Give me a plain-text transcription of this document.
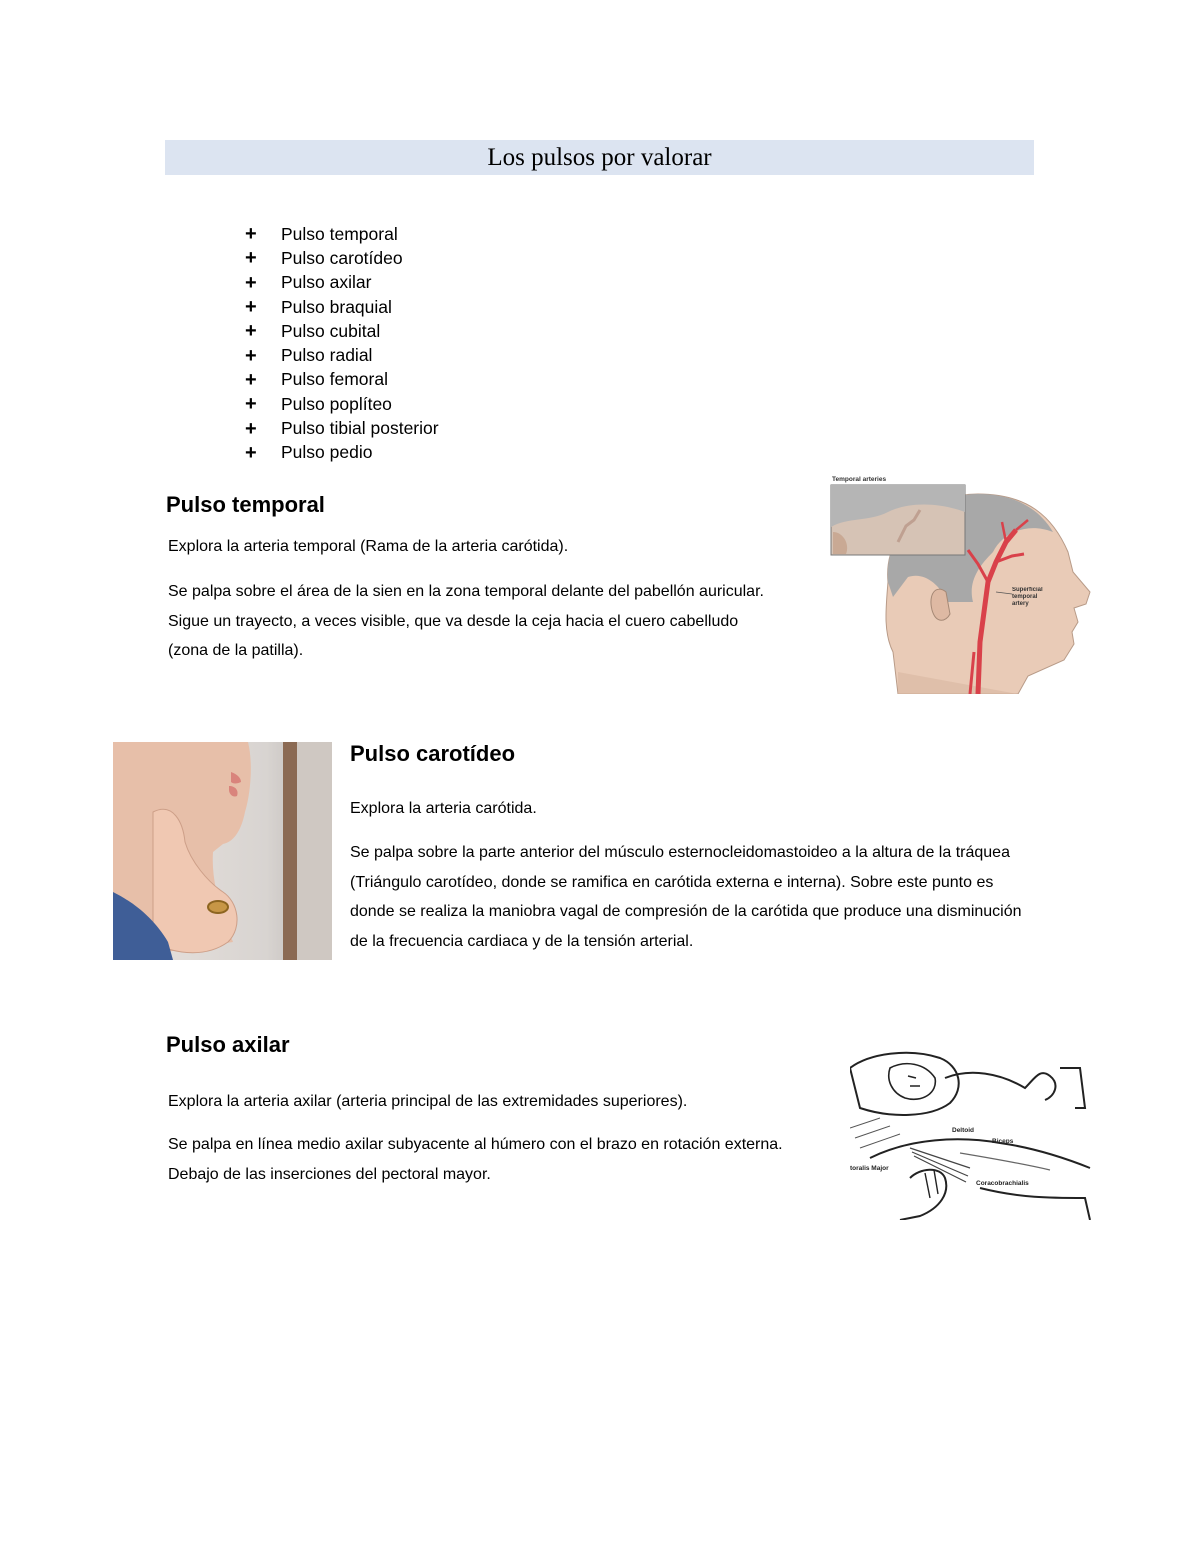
Los pulsos por valorar
+	Pulso temporal
+	Pulso carotídeo
+	Pulso axilar
+	Pulso braquial
+	Pulso cubital
+	Pulso radial
+	Pulso femoral
+	Pulso poplíteo
+	Pulso tibial posterior
+	Pulso pedio
Pulso temporal

Explora la arteria temporal (Rama de la arteria carótida).

Se palpa sobre el área de la sien en la zona temporal delante del pabellón auricular. Sigue un trayecto, a veces visible, que va desde la ceja hacia el cuero cabelludo (zona de la patilla).

Temporal arteries
Superficial temporal artery
Pulso carotídeo

Explora la arteria carótida.

Se palpa sobre la parte anterior del músculo esternocleidomastoideo a la altura de la tráquea (Triángulo carotídeo, donde se ramifica en carótida externa e interna). Sobre este punto es donde se realiza la maniobra vagal de compresión de la carótida que produce una disminución de la frecuencia cardiaca y de la tensión arterial.

Pulso axilar

Explora la arteria axilar (arteria principal de las extremidades superiores).

Se palpa en línea medio axilar subyacente al húmero con el brazo en rotación externa. Debajo de las inserciones del pectoral mayor.

Deltoid
Biceps
toralis Major
Coracobrachialis
